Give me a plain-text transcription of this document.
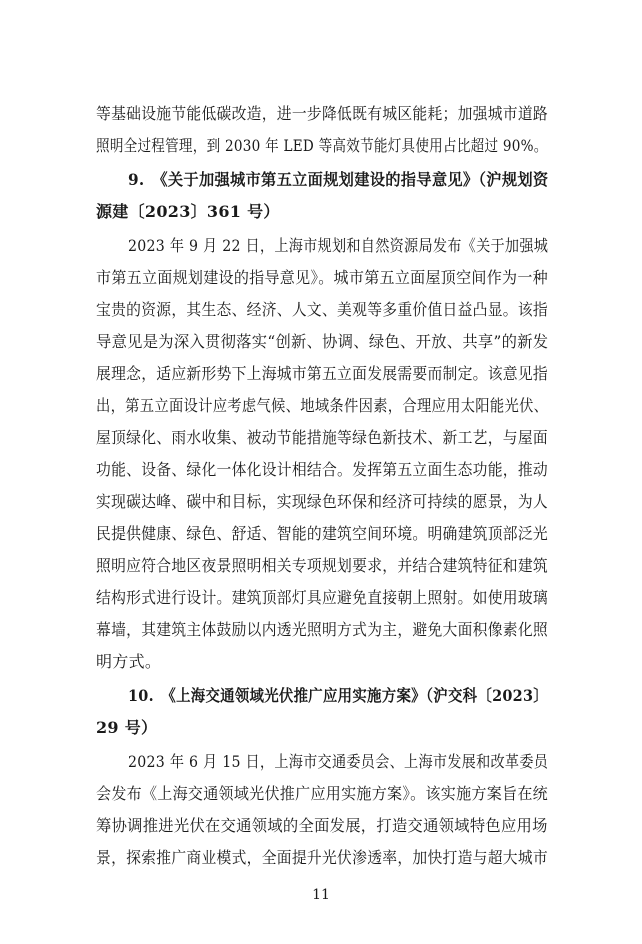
等基础设施节能低碳改造，进一步降低既有城区能耗；加强城市道路
照明全过程管理，到 2030 年 LED 等高效节能灯具使用占比超过 90%。
9.　《关于加强城市第五立面规划建设的指导意见》（沪规划资
源建〔2023〕361 号）
2023 年 9 月 22 日，上海市规划和自然资源局发布《关于加强城
市第五立面规划建设的指导意见》。城市第五立面屋顶空间作为一种
宝贵的资源，其生态、经济、人文、美观等多重价值日益凸显。该指
导意见是为深入贯彻落实“创新、协调、绿色、开放、共享”的新发
展理念，适应新形势下上海城市第五立面发展需要而制定。该意见指
出，第五立面设计应考虑气候、地域条件因素，合理应用太阳能光伏、
屋顶绿化、雨水收集、被动节能措施等绿色新技术、新工艺，与屋面
功能、设备、绿化一体化设计相结合。发挥第五立面生态功能，推动
实现碳达峰、碳中和目标，实现绿色环保和经济可持续的愿景，为人
民提供健康、绿色、舒适、智能的建筑空间环境。明确建筑顶部泛光
照明应符合地区夜景照明相关专项规划要求，并结合建筑特征和建筑
结构形式进行设计。建筑顶部灯具应避免直接朝上照射。如使用玻璃
幕墙，其建筑主体鼓励以内透光照明方式为主，避免大面积像素化照
明方式。
10.　《上海交通领域光伏推广应用实施方案》（沪交科〔2023〕
29 号）
2023 年 6 月 15 日，上海市交通委员会、上海市发展和改革委员
会发布《上海交通领域光伏推广应用实施方案》。该实施方案旨在统
筹协调推进光伏在交通领域的全面发展，打造交通领域特色应用场
景，探索推广商业模式，全面提升光伏渗透率，加快打造与超大城市
11
